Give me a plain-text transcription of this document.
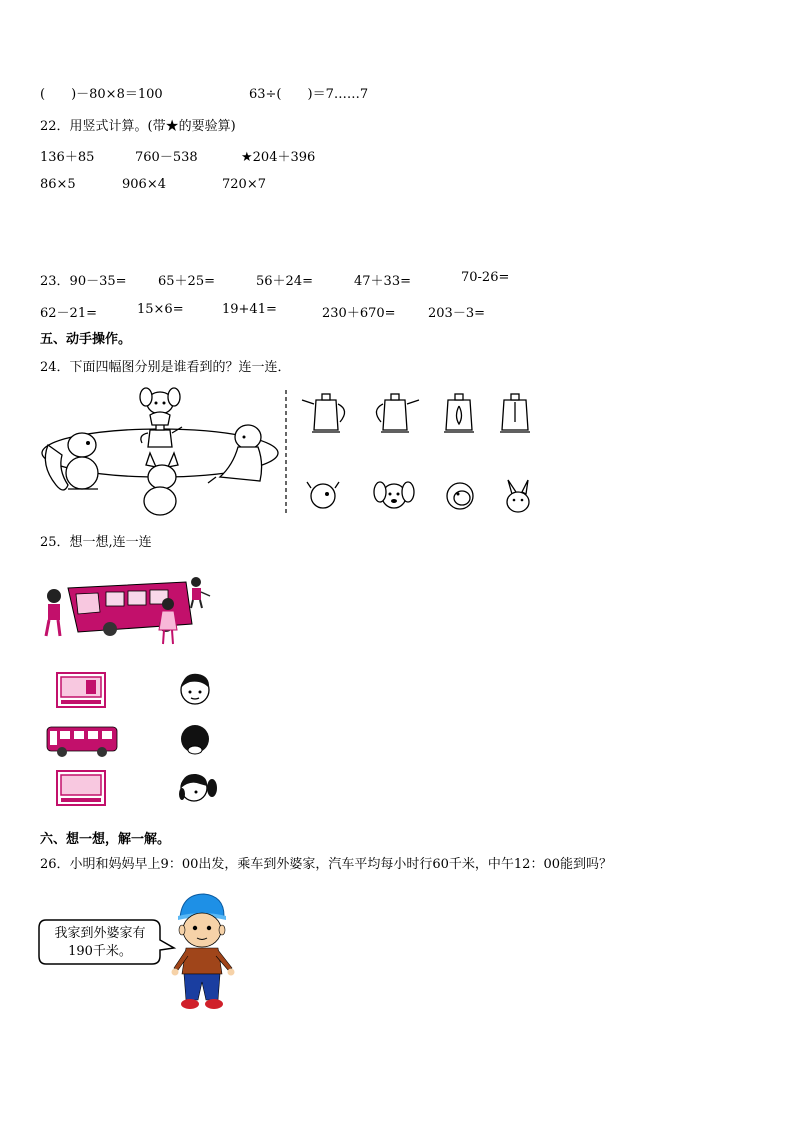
(　　)－80×8＝100	63÷(　　)＝7……7
22．用竖式计算。(带★的要验算)
136＋85	760－538	★204＋396
86×5	906×4	720×7
23．90－35= 65＋25=	56＋24=	47＋33=	70-26=
62－21=	15×6=	19+41=	230＋670= 203－3=
五、动手操作。
24．下面四幅图分别是谁看到的？连一连．
25．想一想,连一连
六、想一想，解一解。
26．小明和妈妈早上9：00出发，乘车到外婆家，汽车平均每小时行60千米，中午12：00能到吗？
我家到外婆家有
190千米。
